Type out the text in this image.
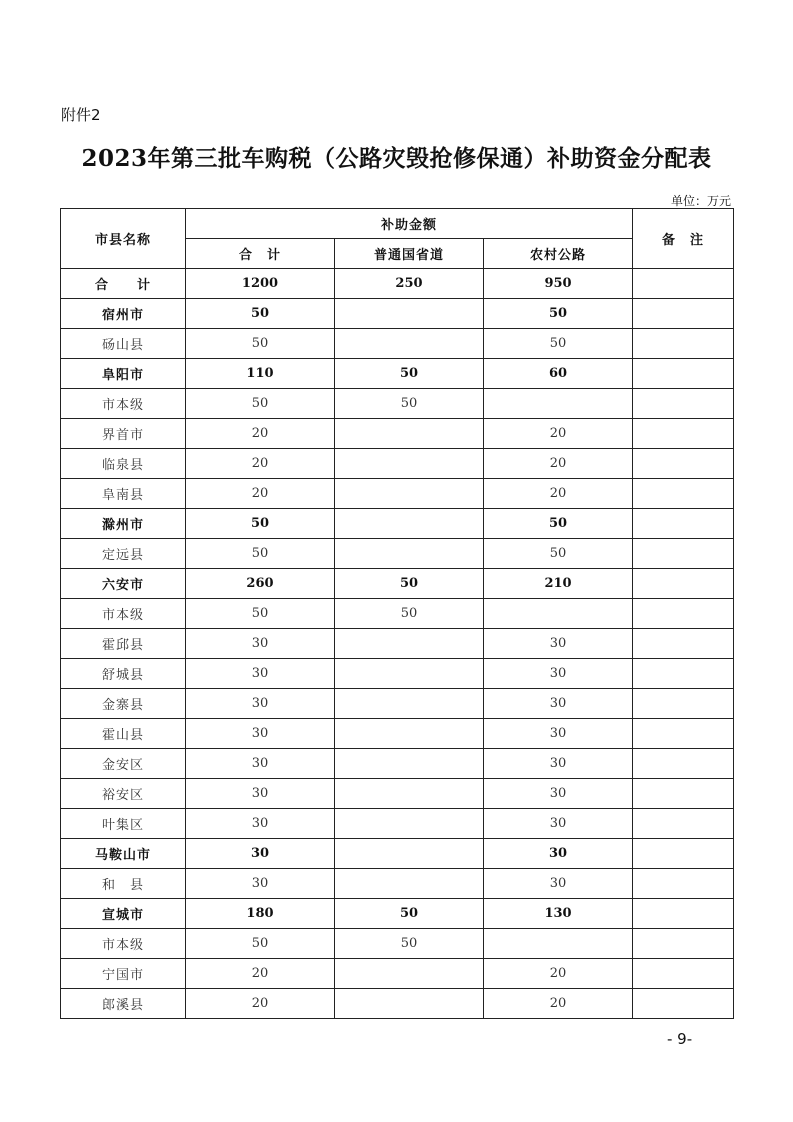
附件2
2023年第三批车购税（公路灾毁抢修保通）补助资金分配表
单位：万元
市县名称	补助金额			备　注
	合　计	普通国省道	农村公路	
合　　计	1200	250	950	
宿州市	50		50	
砀山县	50		50	
阜阳市	110	50	60	
市本级	50	50		
界首市	20		20	
临泉县	20		20	
阜南县	20		20	
滁州市	50		50	
定远县	50		50	
六安市	260	50	210	
市本级	50	50		
霍邱县	30		30	
舒城县	30		30	
金寨县	30		30	
霍山县	30		30	
金安区	30		30	
裕安区	30		30	
叶集区	30		30	
马鞍山市	30		30	
和　县	30		30	
宣城市	180	50	130	
市本级	50	50		
宁国市	20		20	
郎溪县	20		20	
- 9-
